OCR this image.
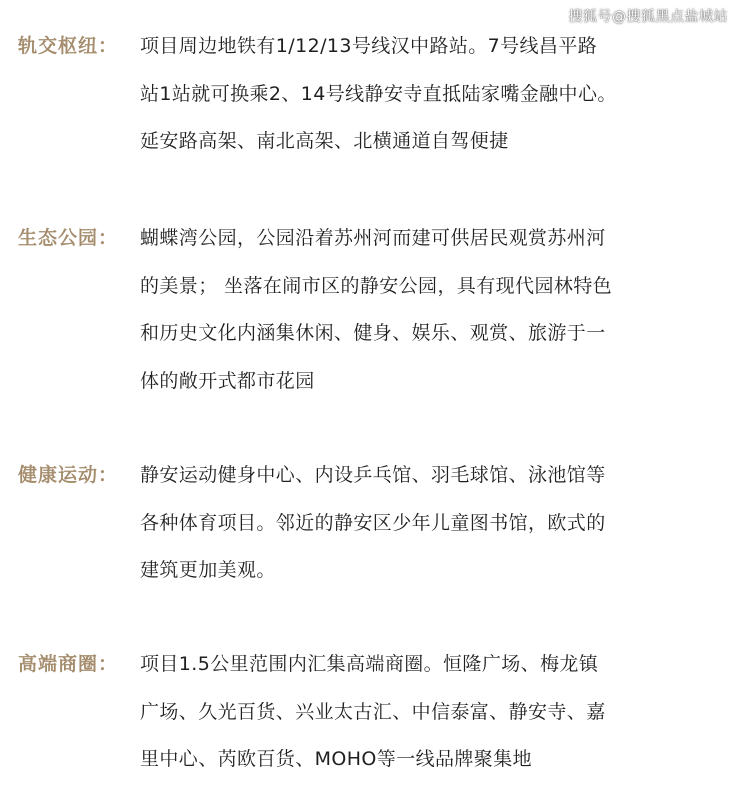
搜狐号@搜狐黑点盐城站
轨交枢纽： 项目周边地铁有1/12/13号线汉中路站。7号线昌平路
站1站就可换乘2、14号线静安寺直抵陆家嘴金融中心。
延安路高架、南北高架、北横通道自驾便捷
生态公园： 蝴蝶湾公园，公园沿着苏州河而建可供居民观赏苏州河
的美景； 坐落在闹市区的静安公园，具有现代园林特色
和历史文化内涵集休闲、健身、娱乐、观赏、旅游于一
体的敞开式都市花园
健康运动： 静安运动健身中心、内设乒乓馆、羽毛球馆、泳池馆等
各种体育项目。邻近的静安区少年儿童图书馆，欧式的
建筑更加美观。
高端商圈： 项目1.5公里范围内汇集高端商圈。恒隆广场、梅龙镇
广场、久光百货、兴业太古汇、中信泰富、静安寺、嘉
里中心、芮欧百货、MOHO等一线品牌聚集地
